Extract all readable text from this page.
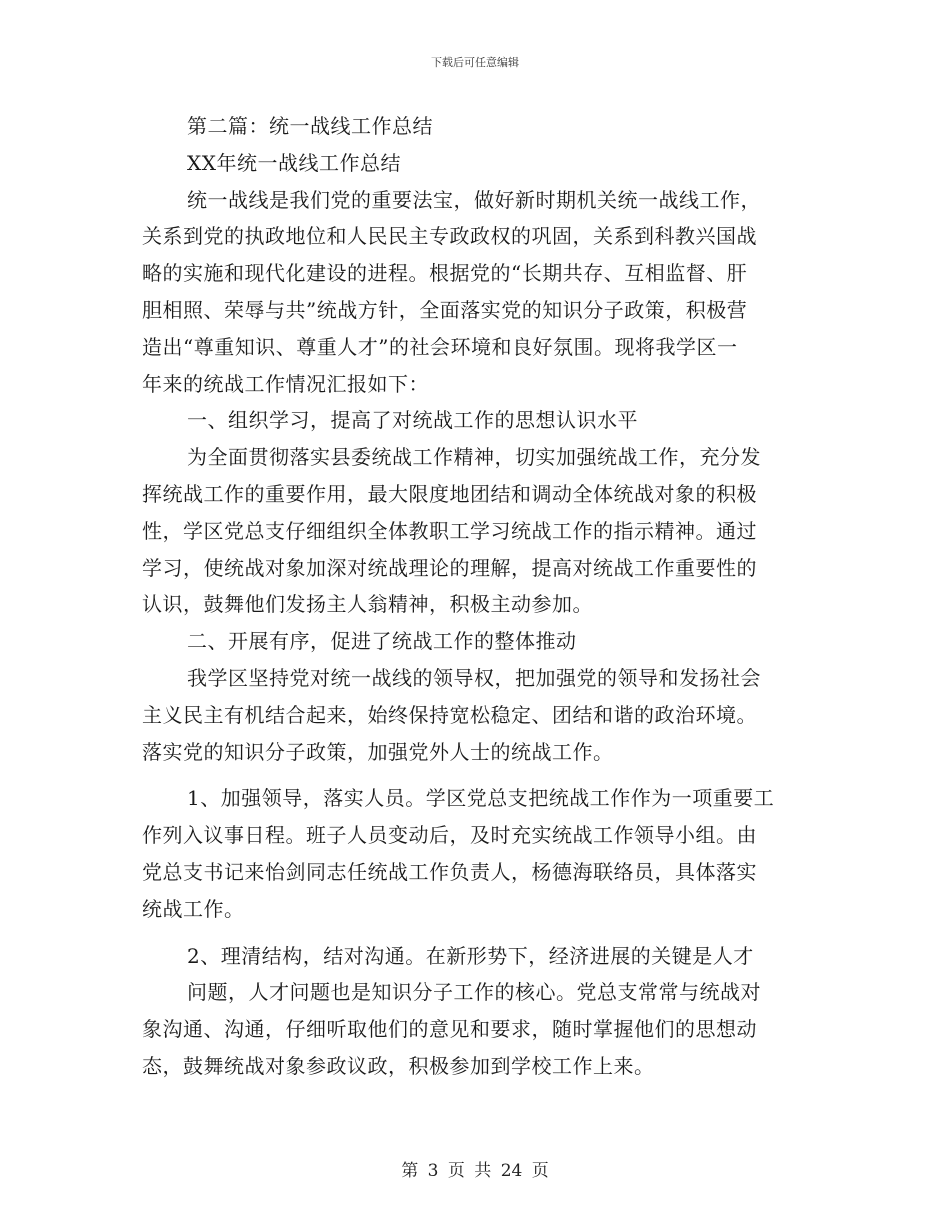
下载后可任意编辑
第二篇：统一战线工作总结
XX年统一战线工作总结
统一战线是我们党的重要法宝，做好新时期机关统一战线工作，
关系到党的执政地位和人民民主专政政权的巩固，关系到科教兴国战
略的实施和现代化建设的进程。根据党的“长期共存、互相监督、肝
胆相照、荣辱与共”统战方针，全面落实党的知识分子政策，积极营
造出“尊重知识、尊重人才”的社会环境和良好氛围。现将我学区一
年来的统战工作情况汇报如下：
一、组织学习，提高了对统战工作的思想认识水平
为全面贯彻落实县委统战工作精神，切实加强统战工作，充分发
挥统战工作的重要作用，最大限度地团结和调动全体统战对象的积极
性，学区党总支仔细组织全体教职工学习统战工作的指示精神。通过
学习，使统战对象加深对统战理论的理解，提高对统战工作重要性的
认识，鼓舞他们发扬主人翁精神，积极主动参加。
二、开展有序，促进了统战工作的整体推动
我学区坚持党对统一战线的领导权，把加强党的领导和发扬社会
主义民主有机结合起来，始终保持宽松稳定、团结和谐的政治环境。
落实党的知识分子政策，加强党外人士的统战工作。
1、加强领导，落实人员。学区党总支把统战工作作为一项重要工
作列入议事日程。班子人员变动后，及时充实统战工作领导小组。由
党总支书记来怡剑同志任统战工作负责人，杨德海联络员，具体落实
统战工作。
2、理清结构，结对沟通。在新形势下，经济进展的关键是人才
问题，人才问题也是知识分子工作的核心。党总支常常与统战对
象沟通、沟通，仔细听取他们的意见和要求，随时掌握他们的思想动
态，鼓舞统战对象参政议政，积极参加到学校工作上来。
第 3 页 共 24 页
